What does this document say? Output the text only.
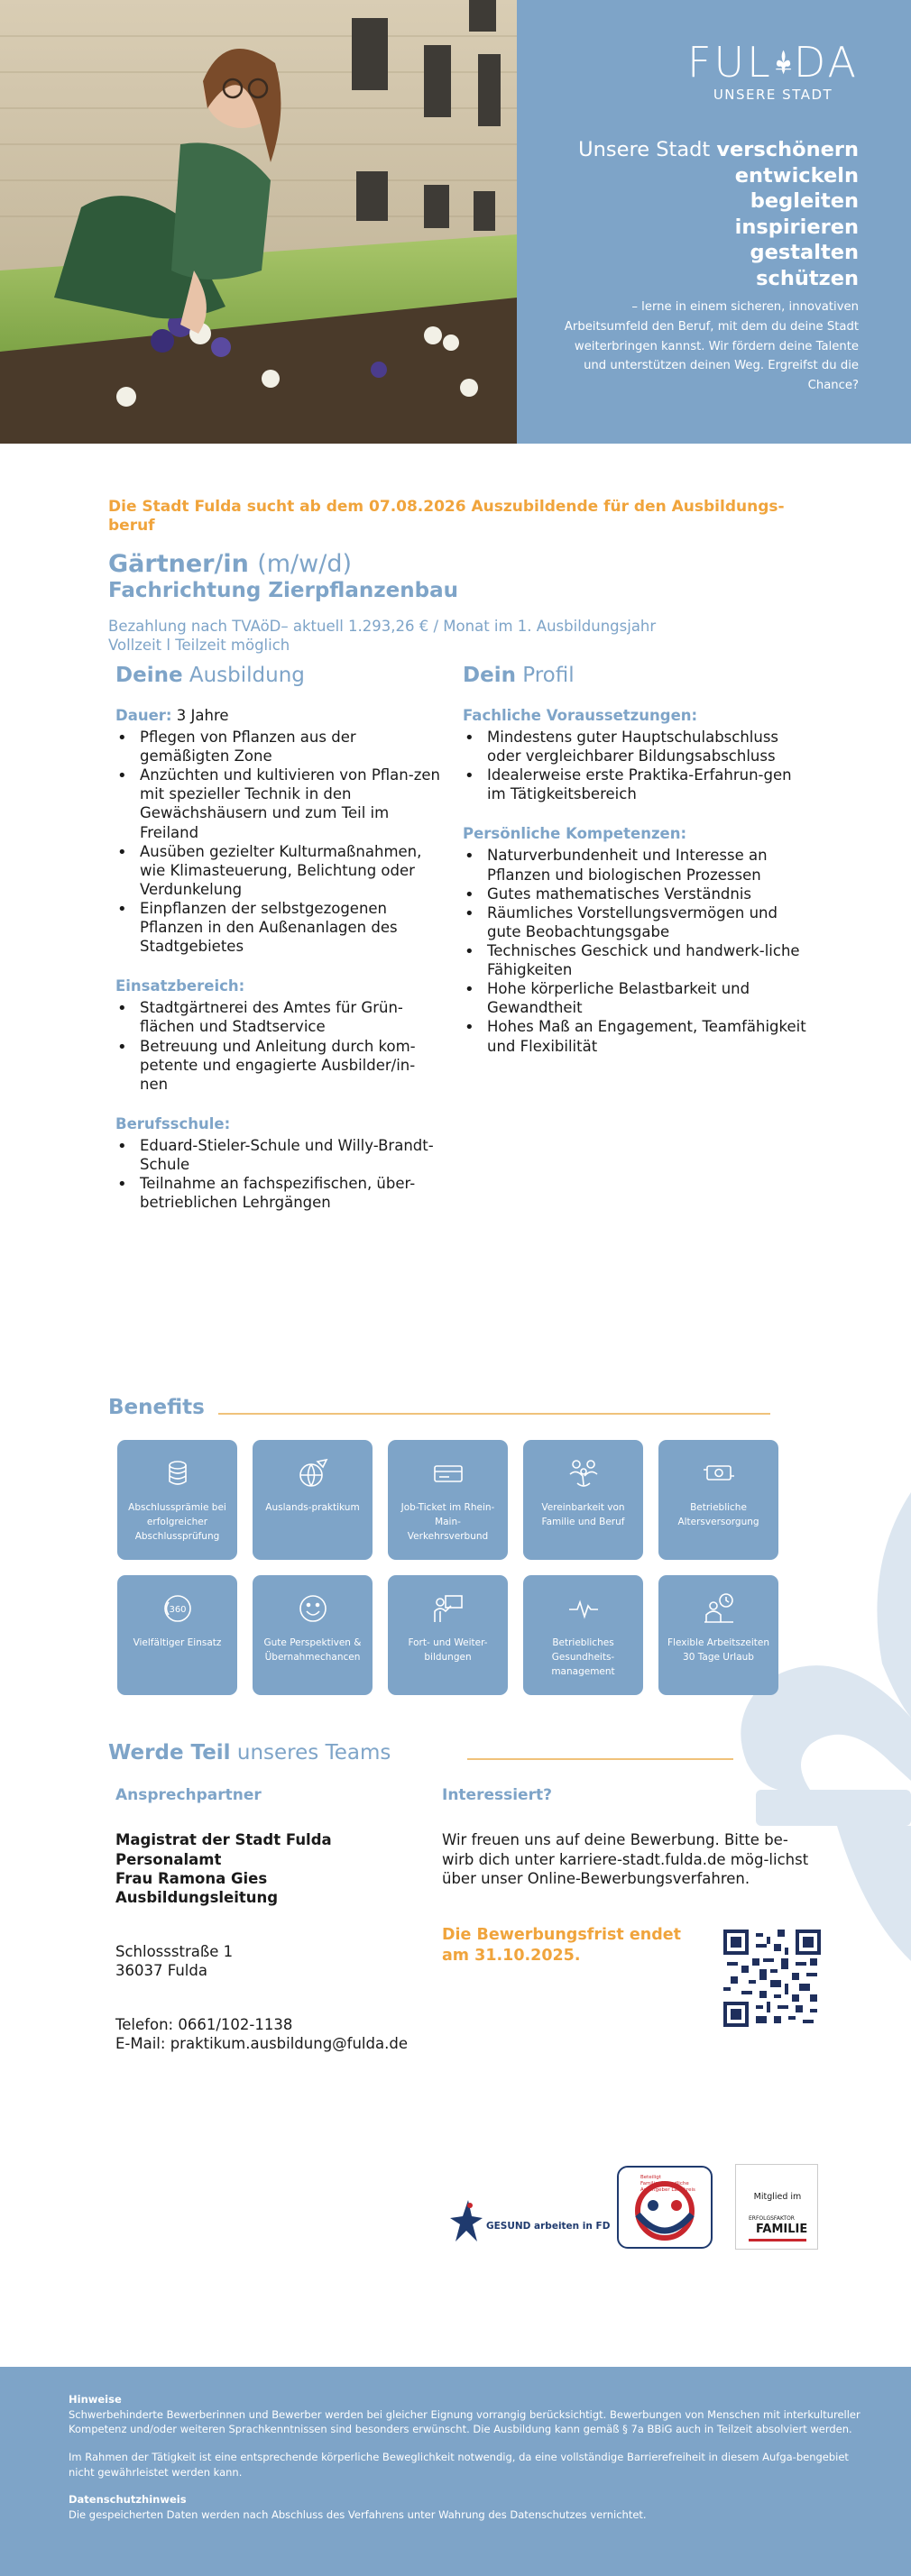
FUL DA
UNSERE STADT
Unsere Stadt verschönern
entwickeln
begleiten
inspirieren
gestalten
schützen
– lerne in einem sicheren, innovativen Arbeitsumfeld den Beruf, mit dem du deine Stadt weiterbringen kannst. Wir fördern deine Talente und unterstützen deinen Weg. Ergreifst du die Chance?
Die Stadt Fulda sucht ab dem 07.08.2026 Auszubildende für den Ausbildungs-beruf
Gärtner/in (m/w/d)
Fachrichtung Zierpflanzenbau
Bezahlung nach TVAöD– aktuell 1.293,26 € / Monat im 1. Ausbildungsjahr
Vollzeit l Teilzeit möglich
Deine Ausbildung
Dauer: 3 Jahre
• Pflegen von Pflanzen aus der gemäßigten Zone
• Anzüchten und kultivieren von Pflan-zen mit spezieller Technik in den Gewächshäusern und zum Teil im Freiland
• Ausüben gezielter Kulturmaßnahmen, wie Klimasteuerung, Belichtung oder Verdunkelung
• Einpflanzen der selbstgezogenen Pflanzen in den Außenanlagen des Stadtgebietes
Einsatzbereich:
• Stadtgärtnerei des Amtes für Grün-flächen und Stadtservice
• Betreuung und Anleitung durch kom-petente und engagierte Ausbilder/in-nen
Berufsschule:
• Eduard-Stieler-Schule und Willy-Brandt-Schule
• Teilnahme an fachspezifischen, über-betrieblichen Lehrgängen
Dein Profil
Fachliche Voraussetzungen:
• Mindestens guter Hauptschulabschluss oder vergleichbarer Bildungsabschluss
• Idealerweise erste Praktika-Erfahrun-gen im Tätigkeitsbereich
Persönliche Kompetenzen:
• Naturverbundenheit und Interesse an Pflanzen und biologischen Prozessen
• Gutes mathematisches Verständnis
• Räumliches Vorstellungsvermögen und gute Beobachtungsgabe
• Technisches Geschick und handwerk-liche Fähigkeiten
• Hohe körperliche Belastbarkeit und Gewandtheit
• Hohes Maß an Engagement, Teamfähigkeit und Flexibilität
Benefits
Abschlussprämie bei erfolgreicher Abschlussprüfung
Auslands-praktikum	Job-Ticket im Rhein-Main-Verkehrsverbund
Vereinbarkeit von Familie und Beruf
Betriebliche Altersversorgung
360
Vielfältiger Einsatz	Gute Perspektiven & Übernahmechancen
Fort- und Weiter-bildungen
Betriebliches Gesundheits-management
Flexible Arbeitszeiten 30 Tage Urlaub
Werde Teil unseres Teams
Ansprechpartner
Magistrat der Stadt Fulda
Personalamt
Frau Ramona Gies
Ausbildungsleitung
Schlossstraße 1
36037 Fulda
Telefon: 0661/102-1138
E-Mail: praktikum.ausbildung@fulda.de
Interessiert?
Wir freuen uns auf deine Bewerbung. Bitte be-wirb dich unter karriere-stadt.fulda.de mög-lichst über unser Online-Bewerbungsverfahren.
Die Bewerbungsfrist endet am 31.10.2025.
GESUND arbeiten in FD
Beteiligt Familienfreundliche Arbeitgeber Landkreis
Mitglied im
ERFOLGSFAKTOR
FAMILIE
Hinweise

Schwerbehinderte Bewerberinnen und Bewerber werden bei gleicher Eignung vorrangig berücksichtigt. Bewerbungen von Menschen mit interkultureller Kompetenz und/oder weiteren Sprachkenntnissen sind besonders erwünscht. Die Ausbildung kann gemäß § 7a BBiG auch in Teilzeit absolviert werden.

Im Rahmen der Tätigkeit ist eine entsprechende körperliche Beweglichkeit notwendig, da eine vollständige Barrierefreiheit in diesem Aufga-bengebiet nicht gewährleistet werden kann.

Datenschutzhinweis

Die gespeicherten Daten werden nach Abschluss des Verfahrens unter Wahrung des Datenschutzes vernichtet.
